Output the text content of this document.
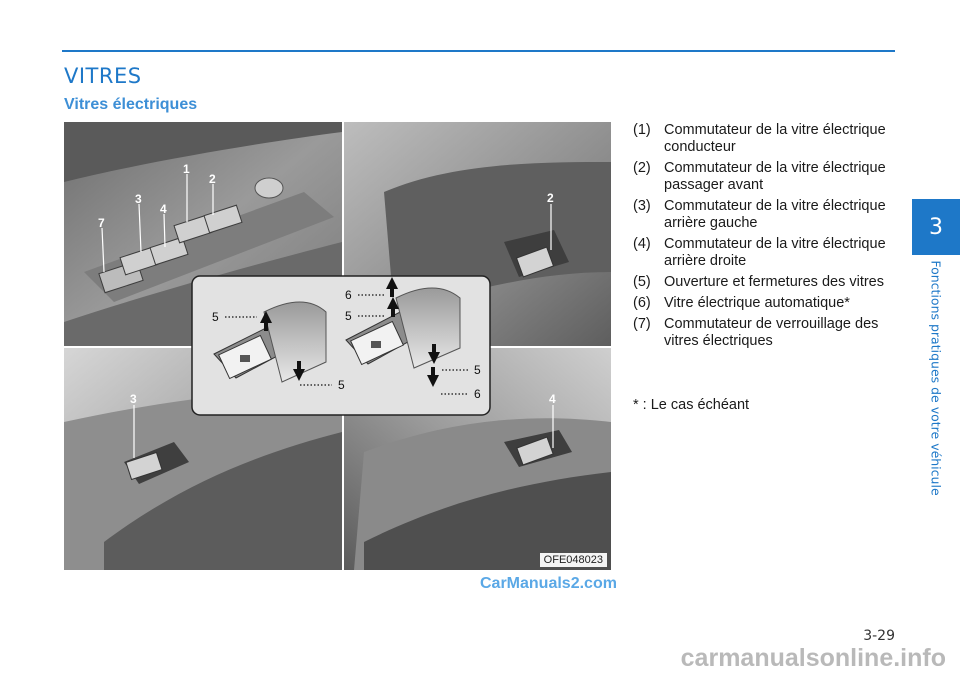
VITRES
Vitres électriques
1
2
3
4
7
2
3	4
5
5
6
5
5
6
OFE048023
CarManuals2.com
(1) Commutateur de la vitre électrique conducteur
(2) Commutateur de la vitre électrique passager avant
(3) Commutateur de la vitre électrique arrière gauche
(4) Commutateur de la vitre électrique arrière droite
(5) Ouverture et fermetures des vitres
(6) Vitre électrique automatique*
(7) Commutateur de verrouillage des vitres électriques
* : Le cas échéant
3
Fonctions pratiques de votre véhicule
3-29
carmanualsonline.info
